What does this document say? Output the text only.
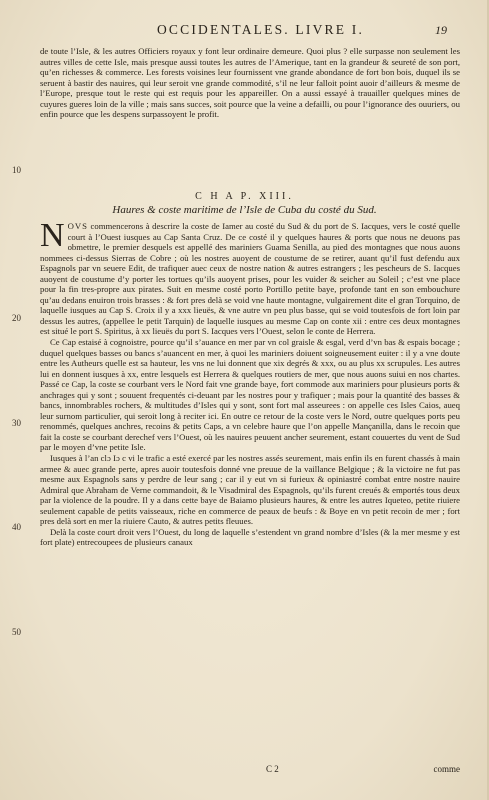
OCCIDENTALES. LIVRE I.	19

de toute l’Isle, & les autres Officiers royaux y font leur ordinaire demeure. Quoi plus ? elle surpasse non seulement les autres villes de cette Isle, mais presque aussi toutes les autres de l’Amerique, tant en la grandeur & seureté de son port, qu’en richesses & commerce. Les forests voisines leur fournissent vne grande abondance de fort bon bois, duquel ils se seruent à bastir des nauires, qui leur seroit vne grande commodité, s’il ne leur falloit point auoir d’ailleurs & mesme de l’Europe, presque tout le reste qui est requis pour les appareiller. On a aussi essayé à trauailler quelques mines de cuyures gueres loin de la ville ; mais sans succes, soit pource que la veine a defailli, ou pour l’ignorance des ouuriers, ou enfin pource que les despens surpassoyent le profit.

C H A P. XIII.
Haures & coste maritime de l’Isle de Cuba du costé du Sud.

NOVS commencerons à descrire la coste de Iamer au costé du Sud & du port de S. Iacques, vers le costé quelle court à l’Ouest iusques au Cap Santa Cruz. De ce costé il y quelques haures & ports que nous ne deuons pas obmettre, le premier desquels est appellé des mariniers Guama Senilla, au pied des montagnes que nous auons nommees ci-dessus Sierras de Cobre ; où les nostres auoyent de coustume de se retirer, auant qu’il fust defendu aux Espagnols par vn seuere Edit, de trafiquer auec ceux de nostre nation & autres estrangers ; les pescheurs de S. Iacques auoyent de coustume d’y porter les tortues qu’ils auoyent prises, pour les vuider & seicher au Soleil ; c’est vne place pour la fin tres-propre aux pirates. Suit en mesme costé porto Portillo petite baye, profonde tant en son embouchure qu’au dedans enuiron trois brasses : & fort pres delà se void vne haute montagne, vulgairement dite el gran Torquino, de laquelle iusques au Cap S. Croix il y a xxx lieuës, & vne autre vn peu plus basse, qui se void toutesfois de fort loin par dessus les autres, (appellee le petit Tarquin) de laquelle iusques au mesme Cap on conte xii : entre ces deux montagnes est situé le port S. Spiritus, à xx lieuës du port S. Iacques vers l’Ouest, selon le conte de Herrera.

Ce Cap estaisé à cognoistre, pource qu’il s’auance en mer par vn col graisle & esgal, verd d’vn bas & espais bocage ; duquel quelques basses ou bancs s’auancent en mer, à quoi les mariniers doiuent soigneusement euiter : il y a vne doute entre les Autheurs quelle est sa hauteur, les vns ne lui donnent que xix degrés & xxx, ou au plus xx scrupules. Les autres lui en donnent iusques à xx, entre lesquels est Herrera & quelques routiers de mer, que nous auons suiui en nos chartes. Passé ce Cap, la coste se courbant vers le Nord fait vne grande baye, fort commode aux mariniers pour plusieurs ports & anchrages qui y sont ; souuent frequentés ci-deuant par les nostres pour y trafiquer ; mais pour la quantité des basses & bancs, innombrables rochers, & multitudes d’Isles qui y sont, sont fort mal asseurees : on appelle ces Isles Caios, aueq leur surnom particulier, qui seroit long à reciter ici. En outre ce retour de la coste vers le Nord, outre quelques ports peu renommés, quelques anchres, recoins & petits Caps, a vn celebre haure que l’on appelle Mançanilla, dans le recoin que fait la coste se courbant derechef vers l’Ouest, où les nauires peuuent ancher seurement, estant couuertes du vent de Sud par le moyen d’vne petite Isle.

Iusques à l’an clɔ Iɔ c vi le trafic a esté exercé par les nostres assés seurement, mais enfin ils en furent chassés à main armee & auec grande perte, apres auoir toutesfois donné vne preuue de la vaillance Belgique ; & la victoire ne fut pas mesme aux Espagnols sans y perdre de leur sang ; car il y eut vn si furieux & opiniastré combat entre nostre nauire Admiral que Abraham de Verne commandoit, & le Visadmiral des Espagnols, qu’ils furent creués & emportés tous deux par la violence de la poudre. Il y a dans cette baye de Baiamo plusieurs haures, & entre les autres Iqueteo, petite riuiere seulement capable de petits vaisseaux, riche en commerce de peaux de beufs : & Boye en vn petit recoin de mer ; fort pres delà sort en mer la riuiere Cauto, & autres petits fleuues.

Delà la coste court droit vers l’Ouest, du long de laquelle s’estendent vn grand nombre d’Isles (& la mer mesme y est fort plate) entrecoupees de plusieurs canaux

10
20
30
40
50
C 2	comme
